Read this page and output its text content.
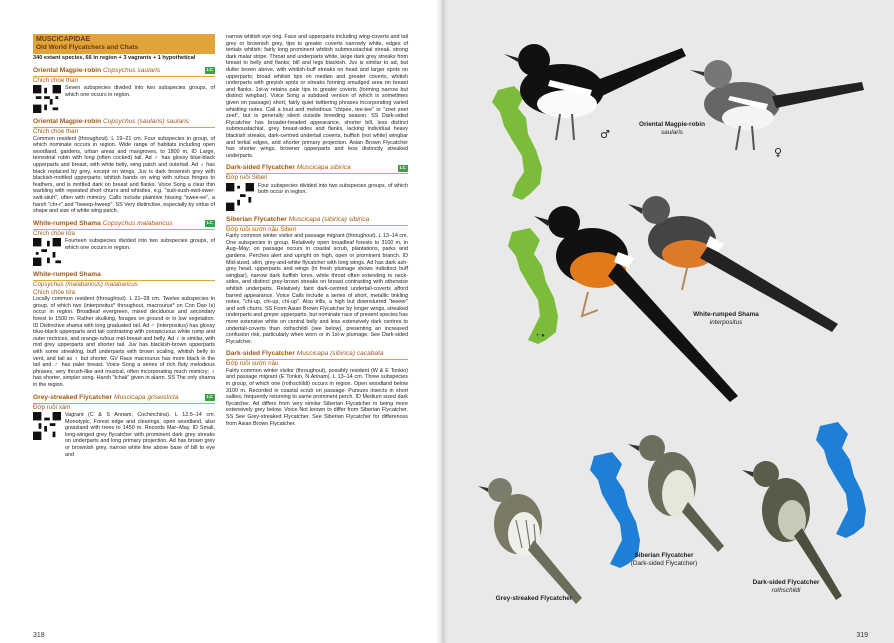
MUSCICAPIDAE
Old World Flycatchers and Chats
340 extant species, 66 in region + 3 vagrants + 1 hypothetical
Oriental Magpie-robin Copsychus saularis	LC
Chích chòe than
Seven subspecies divided into two subspecies groups, of which one occurs in region.
Oriental Magpie-robin Copsychus (saularis) saularis
Chích chòe than
Common resident (throughout). L 19–21 cm. Four subspecies in group, of which nominate occurs in region. Wide range of habitats including open woodland, gardens, urban areas and mangroves, to 1800 m. ID Large, terrestrial robin with long (often cocked) tail. Ad ♂ has glossy blue-black upperparts and breast, with white belly, wing patch and outertail. Ad ♀ has black replaced by grey, except on wings. Juv is dark brownish grey with blackish-mottled upperparts; whitish bands on wing with rufous fringes to feathers, and is mottled dark on breast and flanks. Voice Song a clear thin warbling with repeated short churrs and whistles, e.g. "suiii-sush-swit-swer-swit-siiuh", often with mimicry. Calls include plaintive hissing "swee-ee", a harsh "chr-r" and "hweep-hweep". SS Very distinctive, especially by virtue of shape and size of white wing patch.
White-rumped Shama Copsychus malabaricus	LC
Chích chòe lửa
Fourteen subspecies divided into two subspecies groups, of which one occurs in region.
White-rumped Shama
Copsychus (malabaricus) malabaricus
Chích chòe lửa
Locally common resident (throughout). L 21–28 cm. Twelve subspecies in group, of which two (interpositus* throughout, macrourus* on Con Dao Is) occur in region. Broadleaf evergreen, mixed deciduous and secondary forest to 1500 m. Rather skulking, forages on ground or in low vegetation. ID Distinctive shama with long graduated tail. Ad ♂ (interpositus) has glossy blue-black upperparts and tail contrasting with conspicuous white rump and outer rectrices, and orange-rufous mid-breast and belly. Ad ♀ is similar, with mid grey upperparts and shorter tail. Juv has blackish-brown upperparts with some streaking, buff underparts with brown scaling, whitish belly to vent, and tail as ♀ but shorter. GV Race macrourus has more black in the tail and ♂ has paler breast. Voice Song a series of rich fluty melodious phrases, very thrush-like and musical, often incorporating much mimicry; ♀ has shorter, simpler song. Harsh "tchak" given in alarm. SS The only shama in the region.
Grey-streaked Flycatcher Muscicapa griseisticta	LC
Đớp ruồi xám
Vagrant (C & S Annam, Cochinchina). L 12.5–14 cm. Monotypic. Forest edge and clearings, open woodland, also grassland with trees to 1450 m. Records Mar–May. ID Small, long-winged grey flycatcher with prominent dark grey streaks on underparts and long primary projection. Ad has brown grey or brownish grey, narrow white line above base of bill to eye and
narrow whitish eye ring. Face and upperparts including wing-coverts and tail grey or brownish grey, tips to greater coverts narrowly white, edges of tertials whitish; fairly long prominent whitish submoustachial streak, strong dark malar stripe. Throat and underparts white, large dark grey streaks from breast to belly and flanks; bill and legs blackish. Juv is similar to ad, but duller brown above, with whitish-buff streaks on head and larger spots on upperparts; broad whitish tips on median and greater coverts, whitish underparts with greyish spots or streaks forming smudged area on breast and flanks. 1st-w retains pale tips to greater coverts (forming narrow but distinct wingbar). Voice Song a subdued version of which is sometimes given on passage) short, fairly quiet twittering phrases incorporating varied whistling notes. Call a loud and melodious "chipee, tee-tee" or "zeet zeet zeet", but is generally silent outside breeding season. SS Dark-sided Flycatcher has broader-headed appearance, shorter bill, less distinct submoustachial, grey breast-sides and flanks, lacking individual heavy blackish streaks, dark-centred undertail coverts, buffish (not white) wingbar and tertial edges, and shorter primary projection. Asian Brown Flycatcher has shorter wings, browner upperparts and less distinctly streaked underparts.
Dark-sided Flycatcher Muscicapa sibirica	LC
Đớp ruồi Siberi
Four subspecies divided into two subspecies groups, of which both occur in region.
Siberian Flycatcher Muscicapa (sibirica) sibirica
Đớp ruồi sườn nâu Siberi
Fairly common winter visitor and passage migrant (throughout). L 13–14 cm. One subspecies in group. Relatively open broadleaf forests to 3100 m, in Aug–May; on passage occurs in coastal scrub, plantations, parks and gardens. Perches alert and upright on high, open or prominent branch. ID Mid-sized, slim, grey-and-white flycatcher with long wings. Ad has dark ash-grey head, upperparts and wings (in fresh plumage shows indistinct buff wingbar), narrow dark buffish lores, white throat often extending to neck-sides, and distinct grey-brown streaks on breast contrasting with otherwise whitish underparts. Relatively faint dark-centred undertail-coverts afford barred appearance. Voice Calls include a series of short, metallic tinkling notes, "chi-up, chi-up, chi-up". Also trills, a high but downslurred "teeeer" and soft churrs. SS From Asian Brown Flycatcher by longer wings, streaked underparts and greyer upperparts, but nominate race of present species has more extensive white on central belly and less extensively dark centres to undertail-coverts than rothschildi (see below), presenting an increased confusion risk, particularly when worn or in 1st-w plumage. See Dark-sided Flycatcher.
Dark-sided Flycatcher Muscicapa (sibirica) cacabata
Đớp ruồi sườn nâu
Fairly common winter visitor (throughout), possibly resident (W & E Tonkin) and passage migrant (E Tonkin, N Annam). L 13–14 cm. Three subspecies in group, of which one (rothschildi) occurs in region. Open woodland below 3100 m. Recorded in coastal scrub on passage. Pursues insects in short sallies, frequently returning to same prominent perch. ID Medium sized dark flycatcher. Ad differs from very similar Siberian Flycatcher in being more extensively grey below. Voice Not known to differ from Siberian Flycatcher. SS See Grey-streaked Flycatcher. See Siberian Flycatcher for differences from Asian Brown Flycatcher.
318
+ ●
♂
♀
Oriental Magpie-robin
saularis
White-rumped Shama
interpositus
Grey-streaked Flycatcher
Siberian Flycatcher
(Dark-sided Flycatcher)
Dark-sided Flycatcher
rothschildi
319
